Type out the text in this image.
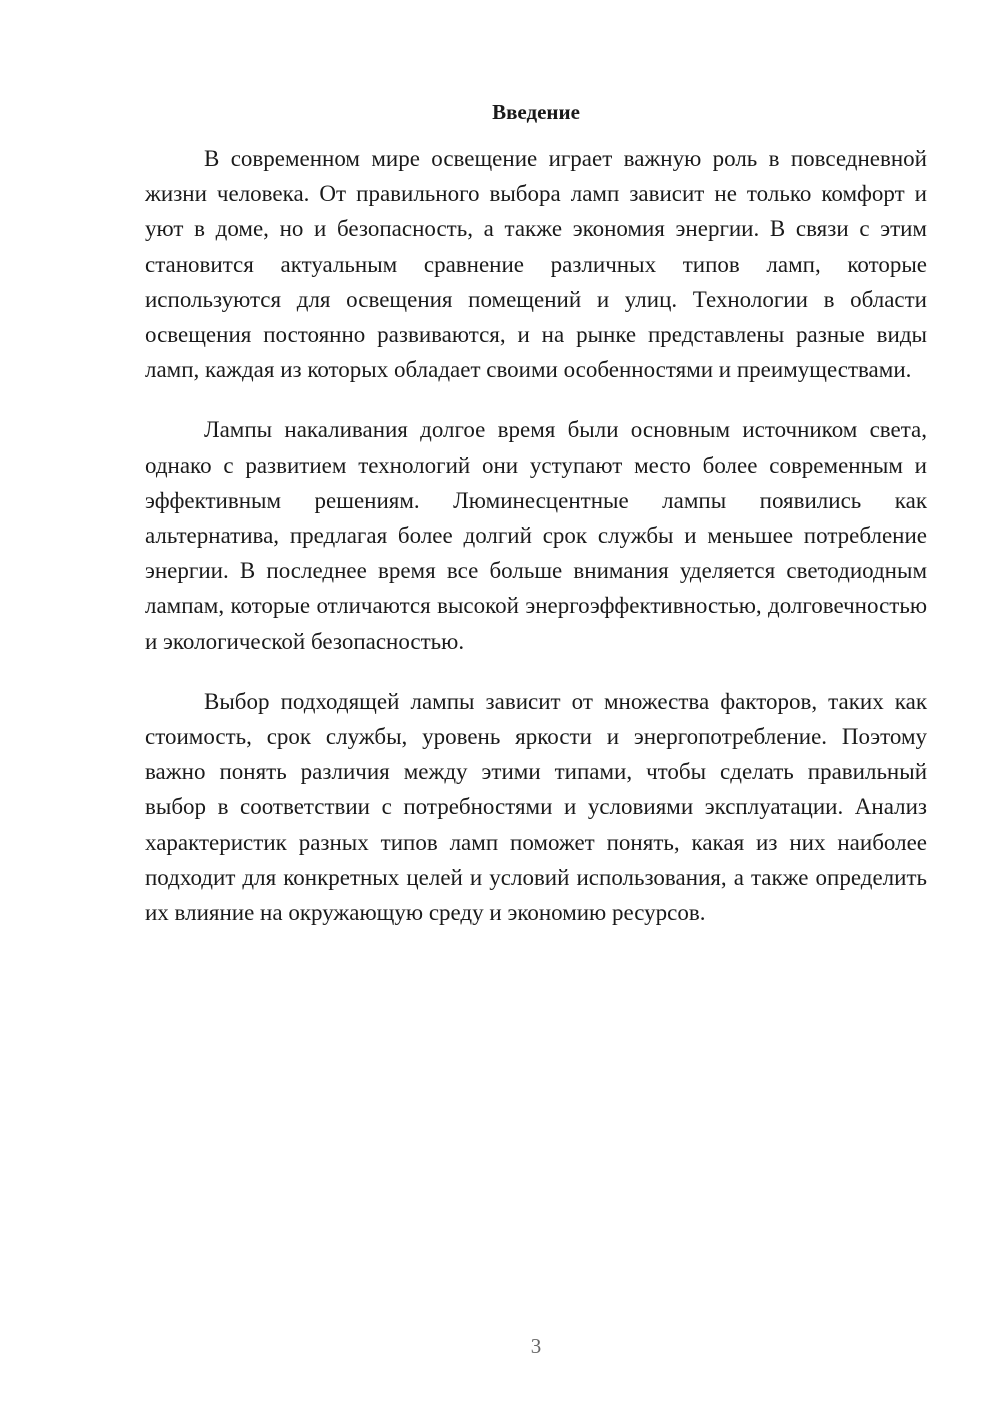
Введение

В современном мире освещение играет важную роль в повседневной жизни человека. От правильного выбора ламп зависит не только комфорт и уют в доме, но и безопасность, а также экономия энергии. В связи с этим становится актуальным сравнение различных типов ламп, которые используются для освещения помещений и улиц. Технологии в области освещения постоянно развиваются, и на рынке представлены разные виды ламп, каждая из которых обладает своими особенностями и преимуществами.

Лампы накаливания долгое время были основным источником света, однако с развитием технологий они уступают место более современным и эффективным решениям. Люминесцентные лампы появились как альтернатива, предлагая более долгий срок службы и меньшее потребление энергии. В последнее время все больше внимания уделяется светодиодным лампам, которые отличаются высокой энергоэффективностью, долговечностью и экологической безопасностью.

Выбор подходящей лампы зависит от множества факторов, таких как стоимость, срок службы, уровень яркости и энергопотребление. Поэтому важно понять различия между этими типами, чтобы сделать правильный выбор в соответствии с потребностями и условиями эксплуатации. Анализ характеристик разных типов ламп поможет понять, какая из них наиболее подходит для конкретных целей и условий использования, а также определить их влияние на окружающую среду и экономию ресурсов.

3
